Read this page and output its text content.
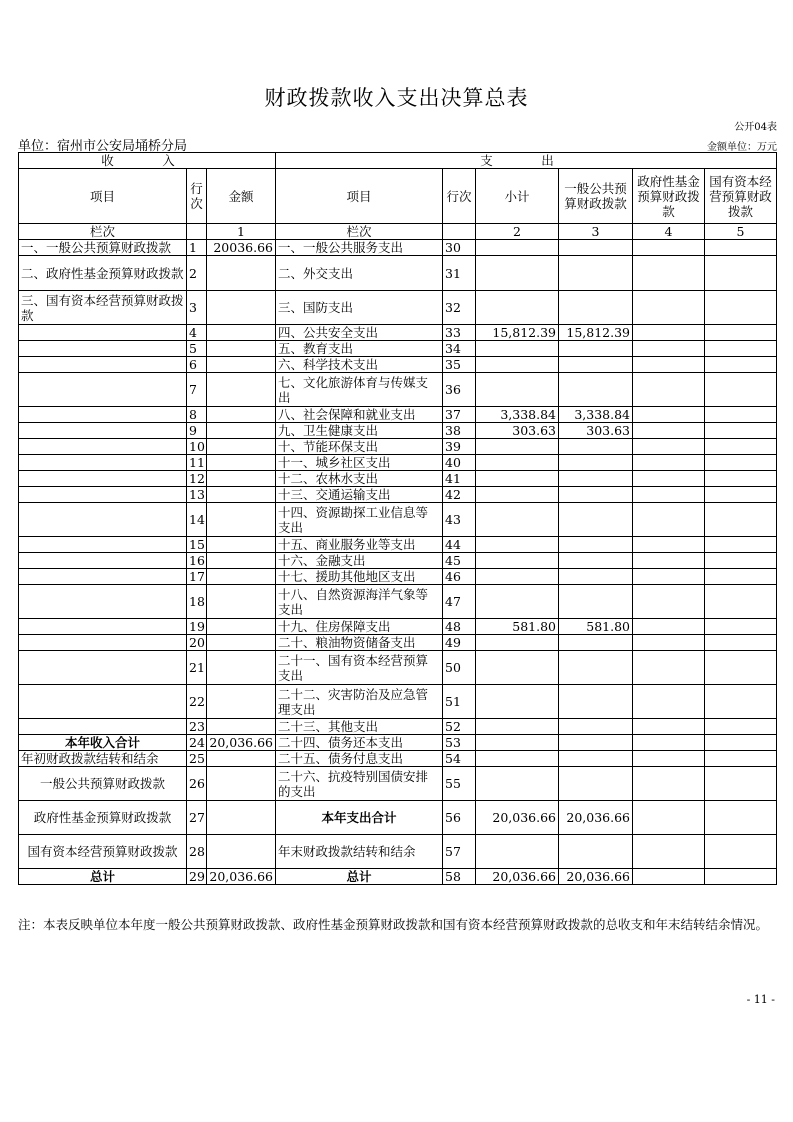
财政拨款收入支出决算总表
公开04表
单位：宿州市公安局埇桥分局	金额单位：万元
收　入			支　出					
项目	行次	金额	项目	行次	小计	一般公共预算财政拨款	政府性基金预算财政拨款	国有资本经营预算财政拨款
栏次		1	栏次		2	3	4	5
一、一般公共预算财政拨款	1	20036.66	一、一般公共服务支出	30				
二、政府性基金预算财政拨款	2		二、外交支出	31				
三、国有资本经营预算财政拨款	3		三、国防支出	32				
	4		四、公共安全支出	33	15,812.39	15,812.39		
	5		五、教育支出	34				
	6		六、科学技术支出	35				
	7		七、文化旅游体育与传媒支出	36				
	8		八、社会保障和就业支出	37	3,338.84	3,338.84		
	9		九、卫生健康支出	38	303.63	303.63		
	10		十、节能环保支出	39				
	11		十一、城乡社区支出	40				
	12		十二、农林水支出	41				
	13		十三、交通运输支出	42				
	14		十四、资源勘探工业信息等支出	43				
	15		十五、商业服务业等支出	44				
	16		十六、金融支出	45				
	17		十七、援助其他地区支出	46				
	18		十八、自然资源海洋气象等支出	47				
	19		十九、住房保障支出	48	581.80	581.80		
	20		二十、粮油物资储备支出	49				
	21		二十一、国有资本经营预算支出	50				
	22		二十二、灾害防治及应急管理支出	51				
	23		二十三、其他支出	52				
本年收入合计	24	20,036.66	二十四、债务还本支出	53				
年初财政拨款结转和结余	25		二十五、债务付息支出	54				
一般公共预算财政拨款	26		二十六、抗疫特别国债安排的支出	55				
政府性基金预算财政拨款	27		本年支出合计	56	20,036.66	20,036.66		
国有资本经营预算财政拨款	28		年末财政拨款结转和结余	57				
总计	29	20,036.66	总计	58	20,036.66	20,036.66		
注：本表反映单位本年度一般公共预算财政拨款、政府性基金预算财政拨款和国有资本经营预算财政拨款的总收支和年末结转结余情况。
- 11 -
